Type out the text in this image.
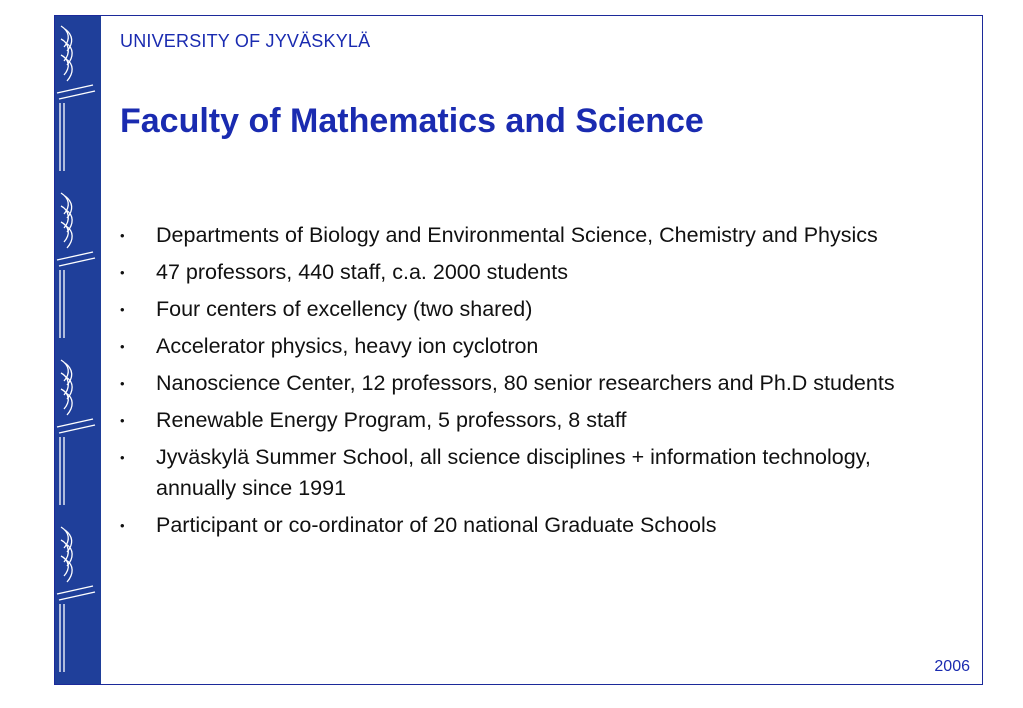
UNIVERSITY OF JYVÄSKYLÄ
Faculty of Mathematics and Science
• Departments of Biology and Environmental Science, Chemistry and Physics
• 47 professors, 440 staff, c.a. 2000 students
• Four centers of excellency (two shared)
• Accelerator physics, heavy ion cyclotron
• Nanoscience Center, 12 professors, 80 senior researchers and Ph.D students
• Renewable Energy Program, 5 professors, 8 staff
• Jyväskylä Summer School, all science disciplines + information technology, annually since 1991
• Participant or co-ordinator of 20 national Graduate Schools
2006
